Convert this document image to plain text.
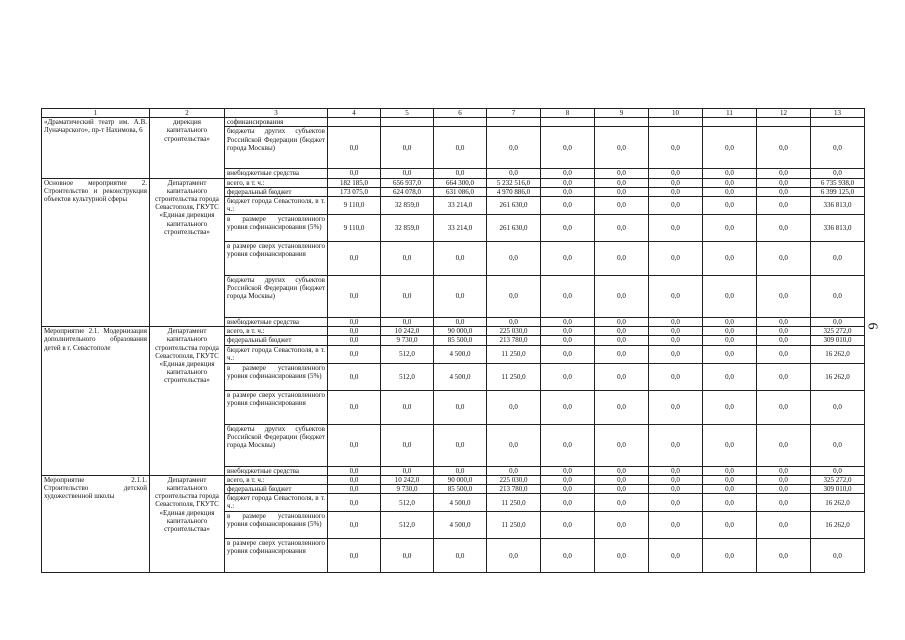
1	2	3	4	5	6	7	8	9	10	11	12	13
«Драматический театр им. А.В. Луначарского», пр-т Нахимова, 6	дирекция капитального строительства»	софинансирования										
		бюджеты других субъектов Российской Федерации (бюджет города Москвы)	0,0	0,0	0,0	0,0	0,0	0,0	0,0	0,0	0,0	0,0
		внебюджетные средства	0,0	0,0	0,0	0,0	0,0	0,0	0,0	0,0	0,0	0,0
Основное мероприятие 2. Строительство и реконструкция объектов культурной сферы	Департамент капитального строительства города Севастополя, ГКУТС «Единая дирекция капитального строительства»	всего, в т. ч.:	182 185,0	656 937,0	664 300,0	5 232 516,0	0,0	0,0	0,0	0,0	0,0	6 735 938,0
		федеральный бюджет	173 075,0	624 078,0	631 086,0	4 970 886,0	0,0	0,0	0,0	0,0	0,0	6 399 125,0
		бюджет города Севастополя, в т. ч.:	9 110,0	32 859,0	33 214,0	261 630,0	0,0	0,0	0,0	0,0	0,0	336 813,0
		в размере установленного уровня софинансирования (5%)	9 110,0	32 859,0	33 214,0	261 630,0	0,0	0,0	0,0	0,0	0,0	336 813,0
		в размере сверх установленного уровня софинансирования	0,0	0,0	0,0	0,0	0,0	0,0	0,0	0,0	0,0	0,0
		бюджеты других субъектов Российской Федерации (бюджет города Москвы)	0,0	0,0	0,0	0,0	0,0	0,0	0,0	0,0	0,0	0,0
		внебюджетные средства	0,0	0,0	0,0	0,0	0,0	0,0	0,0	0,0	0,0	0,0
Мероприятие 2.1. Модернизация дополнительного образования детей в г. Севастополе	Департамент капитального строительства города Севастополя, ГКУТС «Единая дирекция капитального строительства»	всего, в т. ч.:	0,0	10 242,0	90 000,0	225 030,0	0,0	0,0	0,0	0,0	0,0	325 272,0
		федеральный бюджет	0,0	9 730,0	85 500,0	213 780,0	0,0	0,0	0,0	0,0	0,0	309 010,0
		бюджет города Севастополя, в т. ч.:	0,0	512,0	4 500,0	11 250,0	0,0	0,0	0,0	0,0	0,0	16 262,0
		в размере установленного уровня софинансирования (5%)	0,0	512,0	4 500,0	11 250,0	0,0	0,0	0,0	0,0	0,0	16 262,0
		в размере сверх установленного уровня софинансирования	0,0	0,0	0,0	0,0	0,0	0,0	0,0	0,0	0,0	0,0
		бюджеты других субъектов Российской Федерации (бюджет города Москвы)	0,0	0,0	0,0	0,0	0,0	0,0	0,0	0,0	0,0	0,0
		внебюджетные средства	0,0	0,0	0,0	0,0	0,0	0,0	0,0	0,0	0,0	0,0
Мероприятие 2.1.1. Строительство детской художественной школы	Департамент капитального строительства города Севастополя, ГКУТС «Единая дирекция капитального строительства»	всего, в т. ч.:	0,0	10 242,0	90 000,0	225 030,0	0,0	0,0	0,0	0,0	0,0	325 272,0
		федеральный бюджет	0,0	9 730,0	85 500,0	213 780,0	0,0	0,0	0,0	0,0	0,0	309 010,0
		бюджет города Севастополя, в т. ч.:	0,0	512,0	4 500,0	11 250,0	0,0	0,0	0,0	0,0	0,0	16 262,0
		в размере установленного уровня софинансирования (5%)	0,0	512,0	4 500,0	11 250,0	0,0	0,0	0,0	0,0	0,0	16 262,0
		в размере сверх установленного уровня софинансирования	0,0	0,0	0,0	0,0	0,0	0,0	0,0	0,0	0,0	0,0
6
